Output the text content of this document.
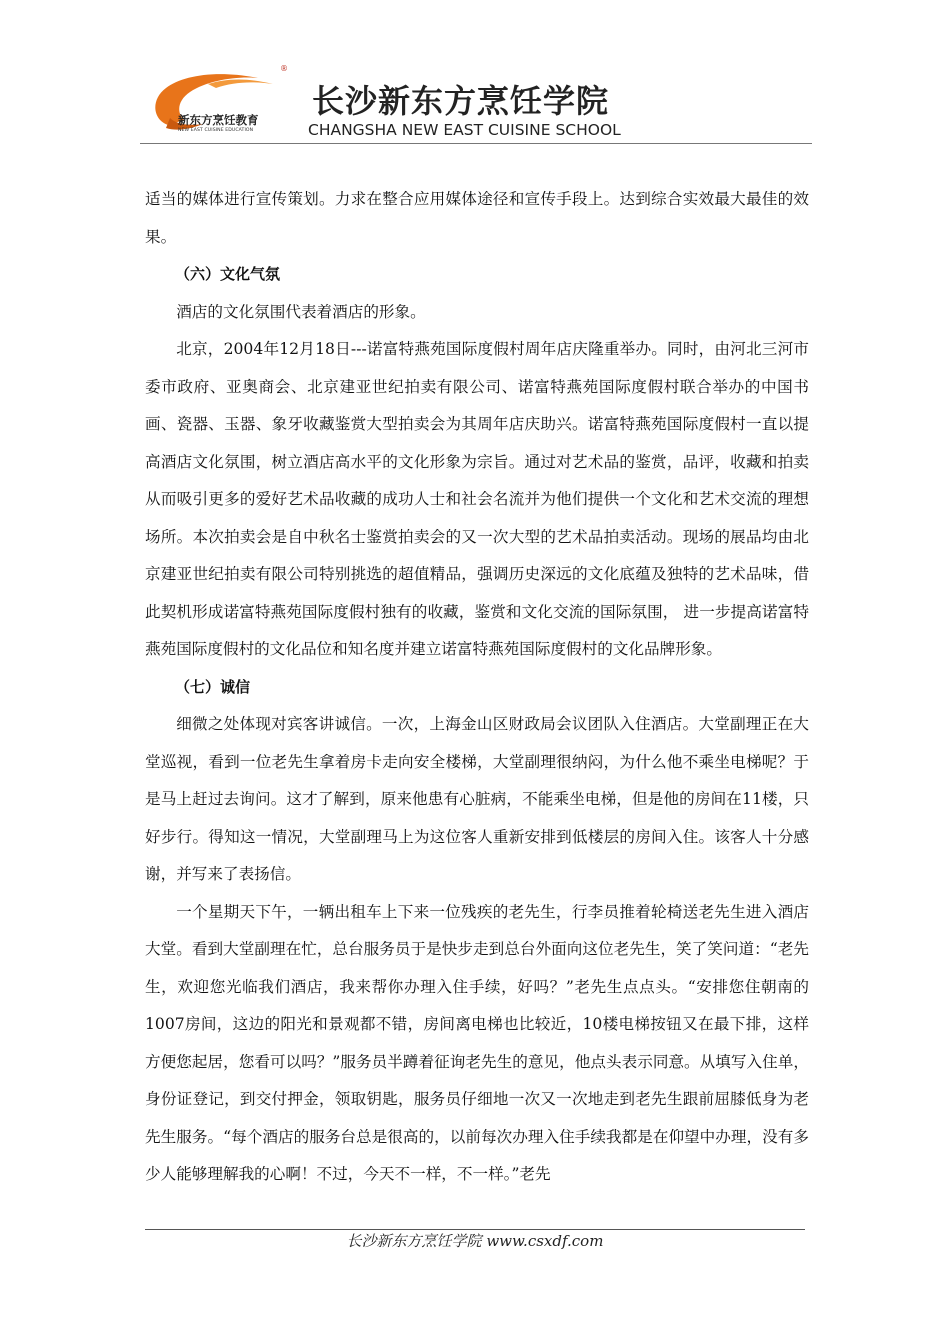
®
新东方烹饪教育
NEW EAST CUISINE EDUCATION
长沙新东方烹饪学院
CHANGSHA NEW EAST CUISINE SCHOOL

适当的媒体进行宣传策划。力求在整合应用媒体途径和宣传手段上。达到综合实效最大最佳的效果。

（六）文化气氛

酒店的文化氛围代表着酒店的形象。

北京，2004年12月18日---诺富特燕苑国际度假村周年店庆隆重举办。同时，由河北三河市委市政府、亚奥商会、北京建亚世纪拍卖有限公司、诺富特燕苑国际度假村联合举办的中国书画、瓷器、玉器、象牙收藏鉴赏大型拍卖会为其周年店庆助兴。诺富特燕苑国际度假村一直以提高酒店文化氛围，树立酒店高水平的文化形象为宗旨。通过对艺术品的鉴赏，品评，收藏和拍卖从而吸引更多的爱好艺术品收藏的成功人士和社会名流并为他们提供一个文化和艺术交流的理想场所。本次拍卖会是自中秋名士鉴赏拍卖会的又一次大型的艺术品拍卖活动。现场的展品均由北京建亚世纪拍卖有限公司特别挑选的超值精品，强调历史深远的文化底蕴及独特的艺术品味，借此契机形成诺富特燕苑国际度假村独有的收藏，鉴赏和文化交流的国际氛围， 进一步提高诺富特燕苑国际度假村的文化品位和知名度并建立诺富特燕苑国际度假村的文化品牌形象。

（七）诚信

细微之处体现对宾客讲诚信。一次，上海金山区财政局会议团队入住酒店。大堂副理正在大堂巡视，看到一位老先生拿着房卡走向安全楼梯，大堂副理很纳闷，为什么他不乘坐电梯呢？于是马上赶过去询问。这才了解到，原来他患有心脏病，不能乘坐电梯，但是他的房间在11楼，只好步行。得知这一情况，大堂副理马上为这位客人重新安排到低楼层的房间入住。该客人十分感谢，并写来了表扬信。

一个星期天下午，一辆出租车上下来一位残疾的老先生，行李员推着轮椅送老先生进入酒店大堂。看到大堂副理在忙，总台服务员于是快步走到总台外面向这位老先生，笑了笑问道：“老先生，欢迎您光临我们酒店，我来帮你办理入住手续，好吗？”老先生点点头。“安排您住朝南的1007房间，这边的阳光和景观都不错，房间离电梯也比较近，10楼电梯按钮又在最下排，这样方便您起居，您看可以吗？”服务员半蹲着征询老先生的意见，他点头表示同意。从填写入住单，身份证登记，到交付押金，领取钥匙，服务员仔细地一次又一次地走到老先生跟前屈膝低身为老先生服务。“每个酒店的服务台总是很高的，以前每次办理入住手续我都是在仰望中办理，没有多少人能够理解我的心啊！不过，今天不一样，不一样。”老先

长沙新东方烹饪学院 www.csxdf.com
